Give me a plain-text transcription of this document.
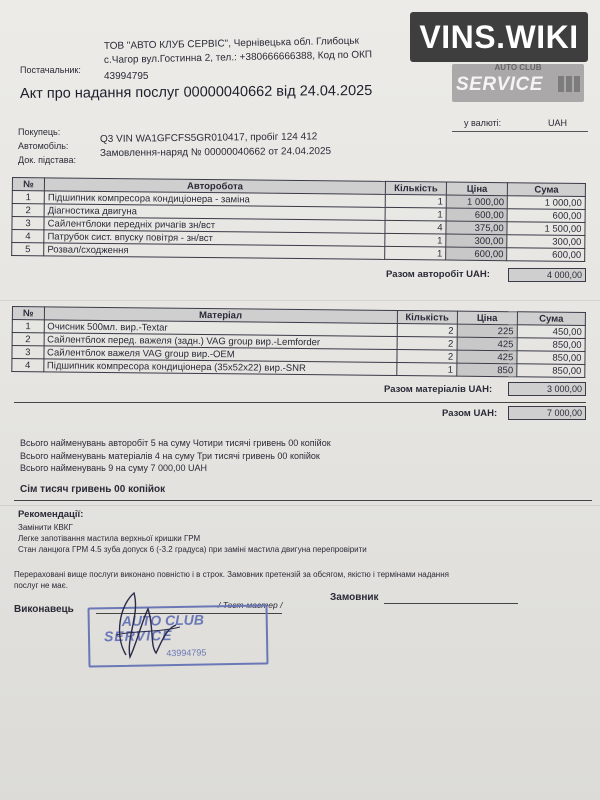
AUTO CLUB
SERVICE
VINS.WIKI
Постачальник:
ТОВ "АВТО КЛУБ СЕРВІС", Чернівецька обл. Глибоцьк
с.Чагор вул.Гостинна 2, тел.: +380666666388, Код по ОКП
43994795
Акт про надання послуг 00000040662 від 24.04.2025
у валюті:	UAH
Покупець:
Автомобіль:
Q3 VIN WA1GFCFS5GR010417, пробіг 124 412
Док. підстава:
Замовлення-наряд № 00000040662 от 24.04.2025
№	Авторобота	Кількість	Ціна	Сума
1	Підшипник компресора кондиціонера - заміна	1	1 000,00	1 000,00
2	Діагностика двигуна	1	600,00	600,00
3	Сайлентблоки передніх ричагів зн/вст	4	375,00	1 500,00
4	Патрубок сист. впуску повітря - зн/вст	1	300,00	300,00
5	Розвал/сходження	1	600,00	600,00
Разом авторобіт UAH:	4 000,00
№	Матеріал	Кількість	Ціна	Сума
1	Очисник 500мл. вир.-Textar	2	225	450,00
2	Сайлентблок перед. важеля (задн.) VAG group вир.-Lemforder	2	425	850,00
3	Сайлентблок важеля VAG group вир.-OEM	2	425	850,00
4	Підшипник компресора кондиціонера (35x52x22) вир.-SNR	1	850	850,00
Разом матеріалів UAH:	3 000,00
Разом UAH:	7 000,00
Всього найменувань авторобіт 5 на суму Чотири тисячі гривень 00 копійок
Всього найменувань матеріалів 4 на суму Три тисячі гривень 00 копійок
Всього найменувань 9 на суму 7 000,00 UAH
Сім тисяч гривень 00 копійок
Рекомендації:
Замінити КВКГ
Легке запотівання мастила верхньої кришки ГРМ
Стан ланцюга ГРМ 4.5 зуба допуск 6 (-3.2 градуса) при заміні мастила двигуна перепровірити
Перераховані вище послуги виконано повністю і в строк. Замовник претензій за обсягом, якістю і термінами надання
послуг не має.
Виконавець	/ Тест-мастер /
Замовник
AUTO CLUB
SERVICE
43994795
